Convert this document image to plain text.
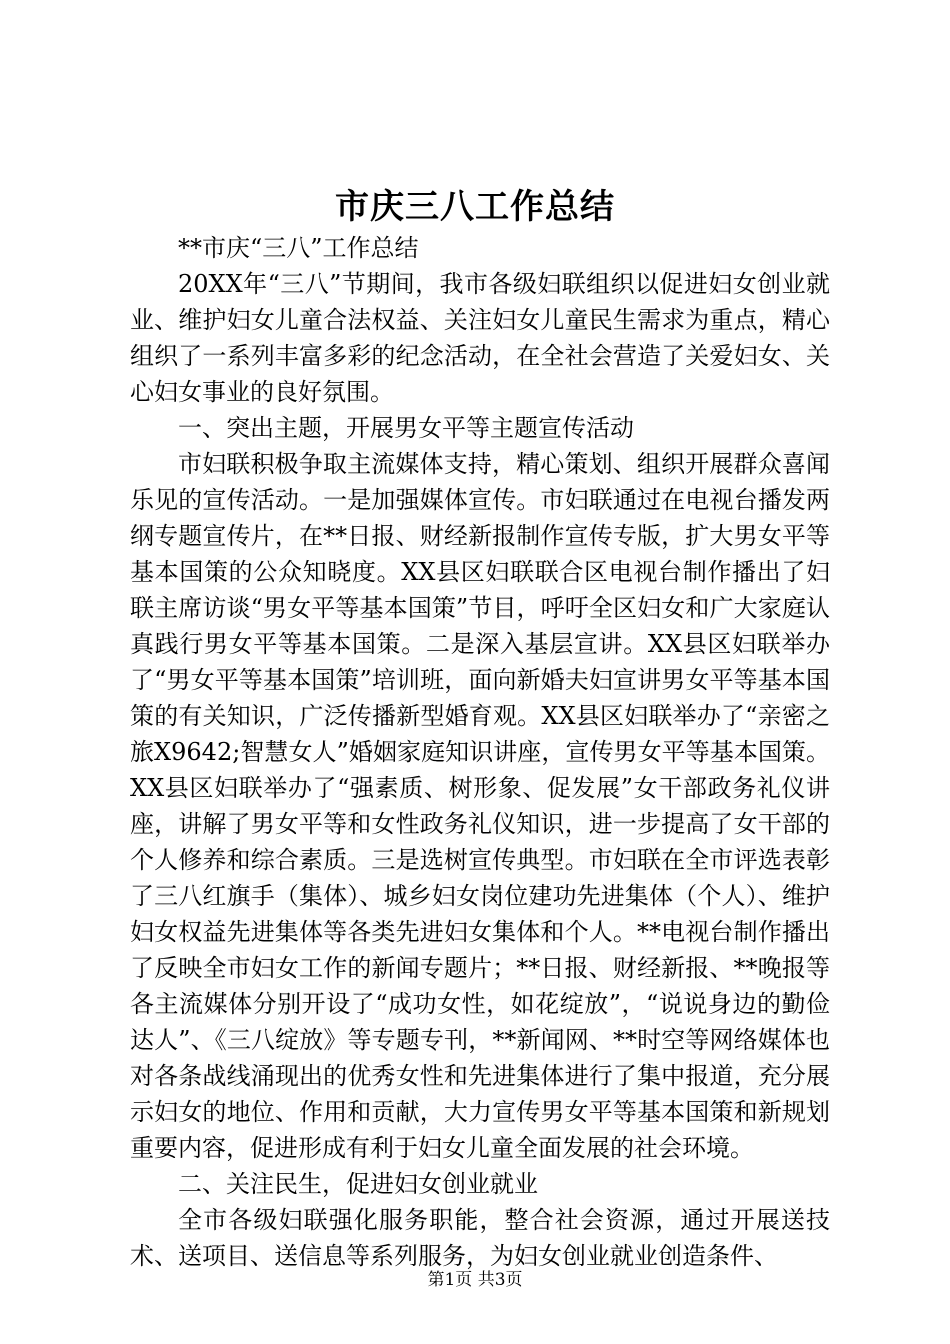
市庆三八工作总结

**市庆“三八”工作总结

20XX年“三八”节期间，我市各级妇联组织以促进妇女创业就业、维护妇女儿童合法权益、关注妇女儿童民生需求为重点，精心组织了一系列丰富多彩的纪念活动，在全社会营造了关爱妇女、关心妇女事业的良好氛围。

一、突出主题，开展男女平等主题宣传活动

市妇联积极争取主流媒体支持，精心策划、组织开展群众喜闻乐见的宣传活动。一是加强媒体宣传。市妇联通过在电视台播发两纲专题宣传片，在**日报、财经新报制作宣传专版，扩大男女平等基本国策的公众知晓度。XX县区妇联联合区电视台制作播出了妇联主席访谈“男女平等基本国策”节目，呼吁全区妇女和广大家庭认真践行男女平等基本国策。二是深入基层宣讲。XX县区妇联举办了“男女平等基本国策”培训班，面向新婚夫妇宣讲男女平等基本国策的有关知识，广泛传播新型婚育观。XX县区妇联举办了“亲密之旅X9642;智慧女人”婚姻家庭知识讲座，宣传男女平等基本国策。XX县区妇联举办了“强素质、树形象、促发展”女干部政务礼仪讲座，讲解了男女平等和女性政务礼仪知识，进一步提高了女干部的个人修养和综合素质。三是选树宣传典型。市妇联在全市评选表彰了三八红旗手（集体）、城乡妇女岗位建功先进集体（个人）、维护妇女权益先进集体等各类先进妇女集体和个人。**电视台制作播出了反映全市妇女工作的新闻专题片；**日报、财经新报、**晚报等各主流媒体分别开设了“成功女性，如花绽放”，“说说身边的勤俭达人”、《三八绽放》等专题专刊，**新闻网、**时空等网络媒体也对各条战线涌现出的优秀女性和先进集体进行了集中报道，充分展示妇女的地位、作用和贡献，大力宣传男女平等基本国策和新规划重要内容，促进形成有利于妇女儿童全面发展的社会环境。

二、关注民生，促进妇女创业就业

全市各级妇联强化服务职能，整合社会资源，通过开展送技术、送项目、送信息等系列服务，为妇女创业就业创造条件、

第1页 共3页
